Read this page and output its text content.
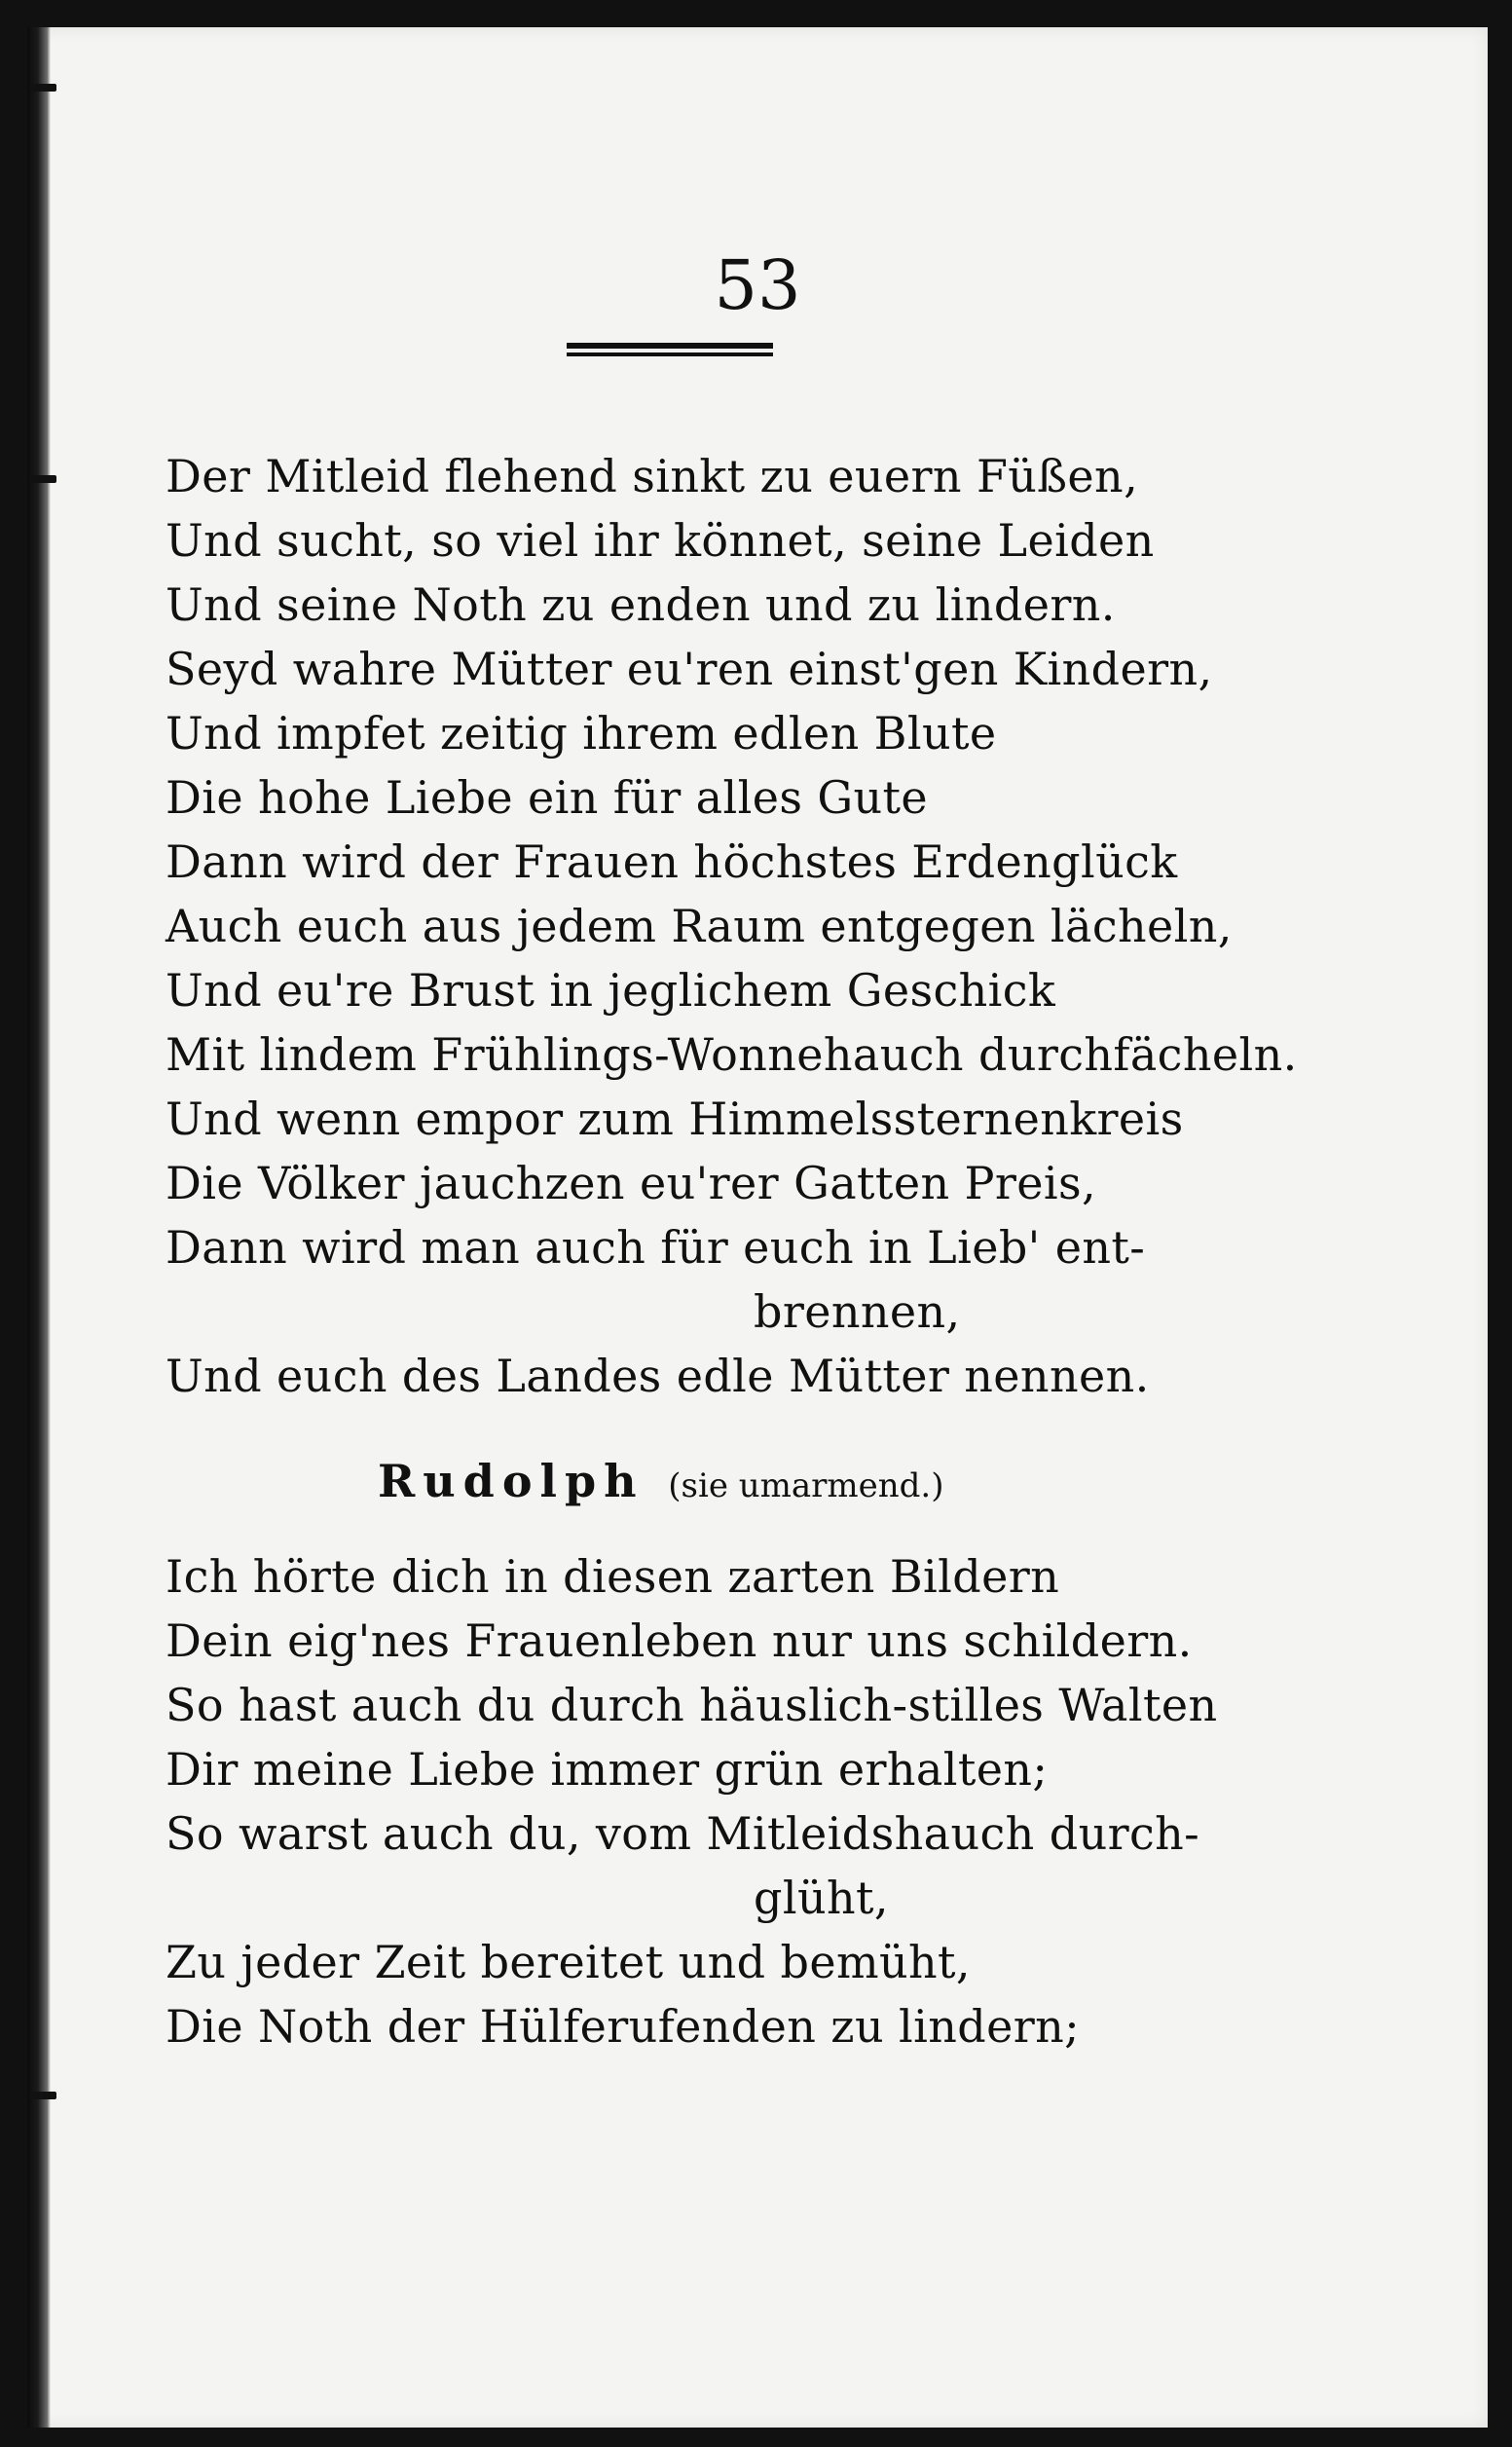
53
Der Mitleid flehend sinkt zu euern Füßen,
Und sucht, so viel ihr könnet, seine Leiden
Und seine Noth zu enden und zu lindern.
Seyd wahre Mütter eu'ren einst'gen Kindern,
Und impfet zeitig ihrem edlen Blute
Die hohe Liebe ein für alles Gute
Dann wird der Frauen höchstes Erdenglück
Auch euch aus jedem Raum entgegen lächeln,
Und eu're Brust in jeglichem Geschick
Mit lindem Frühlings-Wonnehauch durchfächeln.
Und wenn empor zum Himmelssternenkreis
Die Völker jauchzen eu'rer Gatten Preis,
Dann wird man auch für euch in Lieb' ent-
brennen,
Und euch des Landes edle Mütter nennen.
Rudolph (sie umarmend.)
Ich hörte dich in diesen zarten Bildern
Dein eig'nes Frauenleben nur uns schildern.
So hast auch du durch häuslich-stilles Walten
Dir meine Liebe immer grün erhalten;
So warst auch du, vom Mitleidshauch durch-
glüht,
Zu jeder Zeit bereitet und bemüht,
Die Noth der Hülferufenden zu lindern;
